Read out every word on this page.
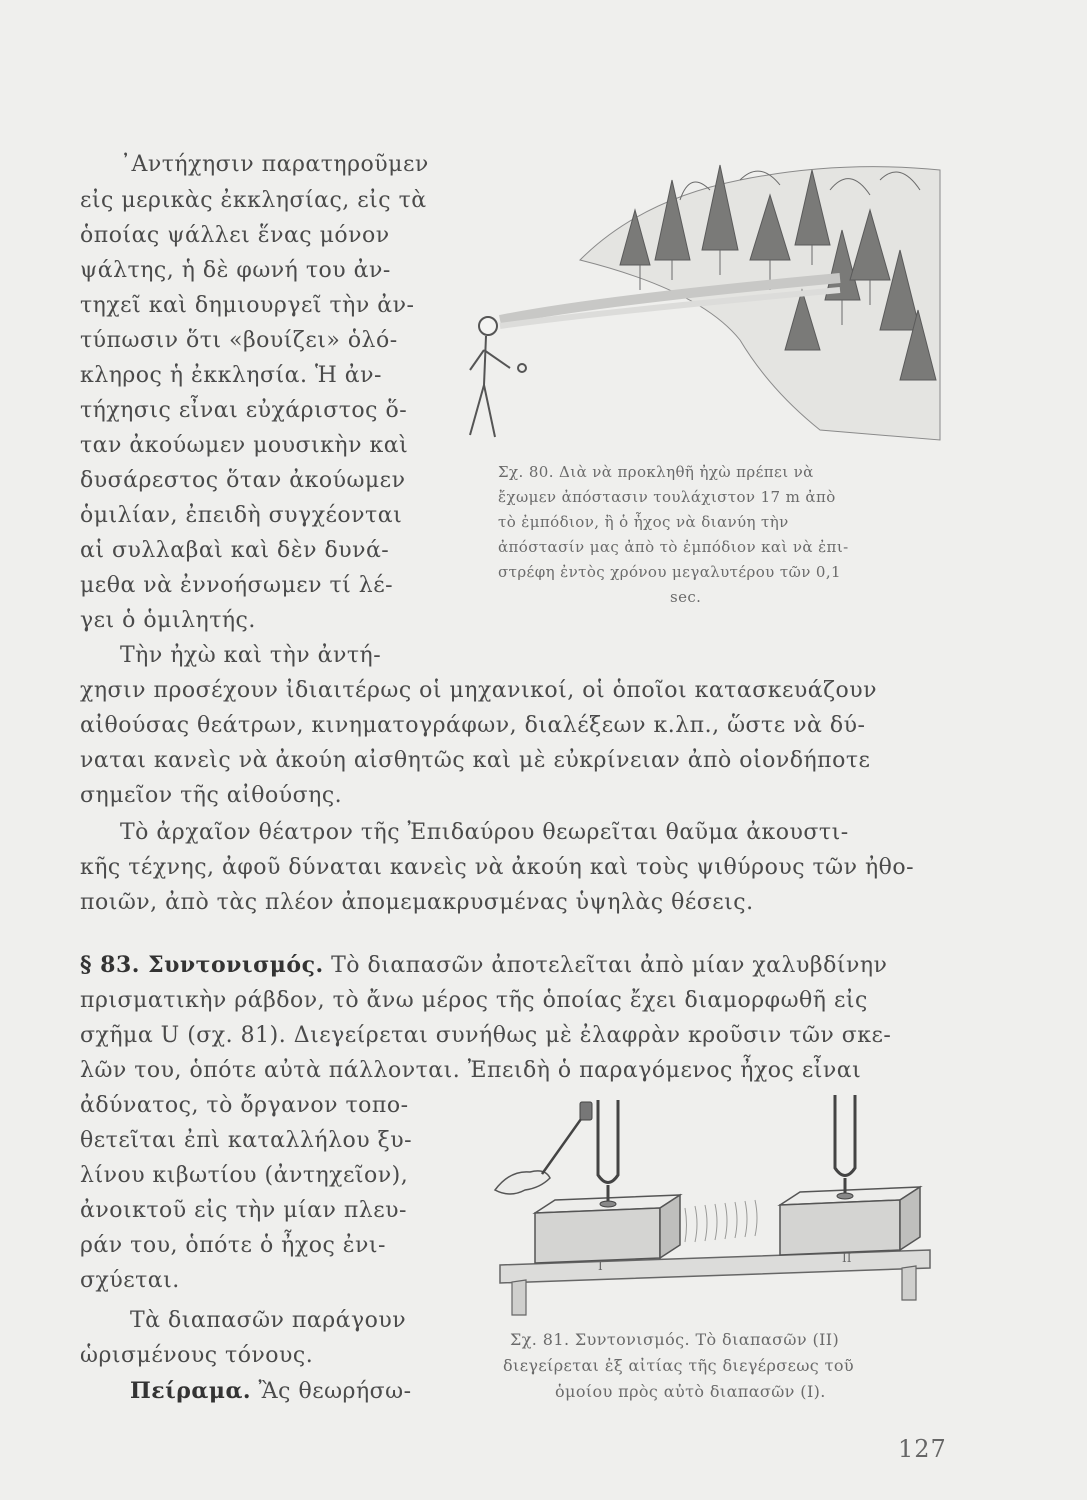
᾿Αντήχησιν παρατηροῦμεν
εἰς μερικὰς ἐκκλησίας, εἰς τὰ
ὁποίας ψάλλει ἕνας μόνον
ψάλτης, ἡ δὲ φωνή του ἀν-
τηχεῖ καὶ δημιουργεῖ τὴν ἀν-
τύπωσιν ὅτι «βουίζει» ὁλό-
κληρος ἡ ἐκκλησία. Ἡ ἀν-
τήχησις εἶναι εὐχάριστος ὅ-
ταν ἀκούωμεν μουσικὴν καὶ
δυσάρεστος ὅταν ἀκούωμεν
ὁμιλίαν, ἐπειδὴ συγχέονται
αἱ συλλαβαὶ καὶ δὲν δυνά-
μεθα νὰ ἐννοήσωμεν τί λέ-
γει ὁ ὁμιλητής.
Σχ. 80. Διὰ νὰ προκληθῆ ἠχὼ πρέπει νὰ
ἔχωμεν ἀπόστασιν τουλάχιστον 17 m ἀπὸ
τὸ ἐμπόδιον, ἢ ὁ ἦχος νὰ διανύη τὴν
ἀπόστασίν μας ἀπὸ τὸ ἐμπόδιον καὶ νὰ ἐπι-
στρέφη ἐντὸς χρόνου μεγαλυτέρου τῶν 0,1
sec.
Τὴν ἠχὼ καὶ τὴν ἀντή-
χησιν προσέχουν ἰδιαιτέρως οἱ μηχανικοί, οἱ ὁποῖοι κατασκευάζουν
αἰθούσας θεάτρων, κινηματογράφων, διαλέξεων κ.λπ., ὥστε νὰ δύ-
ναται κανεὶς νὰ ἀκούη αἰσθητῶς καὶ μὲ εὐκρίνειαν ἀπὸ οἱονδήποτε
σημεῖον τῆς αἰθούσης.
Τὸ ἀρχαῖον θέατρον τῆς Ἐπιδαύρου θεωρεῖται θαῦμα ἀκουστι-
κῆς τέχνης, ἀφοῦ δύναται κανεὶς νὰ ἀκούη καὶ τοὺς ψιθύρους τῶν ἠθο-
ποιῶν, ἀπὸ τὰς πλέον ἀπομεμακρυσμένας ὑψηλὰς θέσεις.
§ 83. Συντονισμός. Τὸ διαπασῶν ἀποτελεῖται ἀπὸ μίαν χαλυβδίνην
πρισματικὴν ράβδον, τὸ ἄνω μέρος τῆς ὁποίας ἔχει διαμορφωθῆ εἰς
σχῆμα U (σχ. 81). Διεγείρεται συνήθως μὲ ἐλαφρὰν κροῦσιν τῶν σκε-
λῶν του, ὁπότε αὐτὰ πάλλονται. Ἐπειδὴ ὁ παραγόμενος ἦχος εἶναι
ἀδύνατος, τὸ ὄργανον τοπο-
θετεῖται ἐπὶ καταλλήλου ξυ-
λίνου κιβωτίου (ἀντηχεῖον),
ἀνοικτοῦ εἰς τὴν μίαν πλευ-
ράν του, ὁπότε ὁ ἦχος ἐνι-
σχύεται.
Τὰ διαπασῶν παράγουν
ὡρισμένους τόνους.
Πείραμα. Ἂς θεωρήσω-
I
II
Σχ. 81. Συντονισμός. Τὸ διαπασῶν (II)
διεγείρεται ἐξ αἰτίας τῆς διεγέρσεως τοῦ
ὁμοίου πρὸς αὐτὸ διαπασῶν (I).
127
